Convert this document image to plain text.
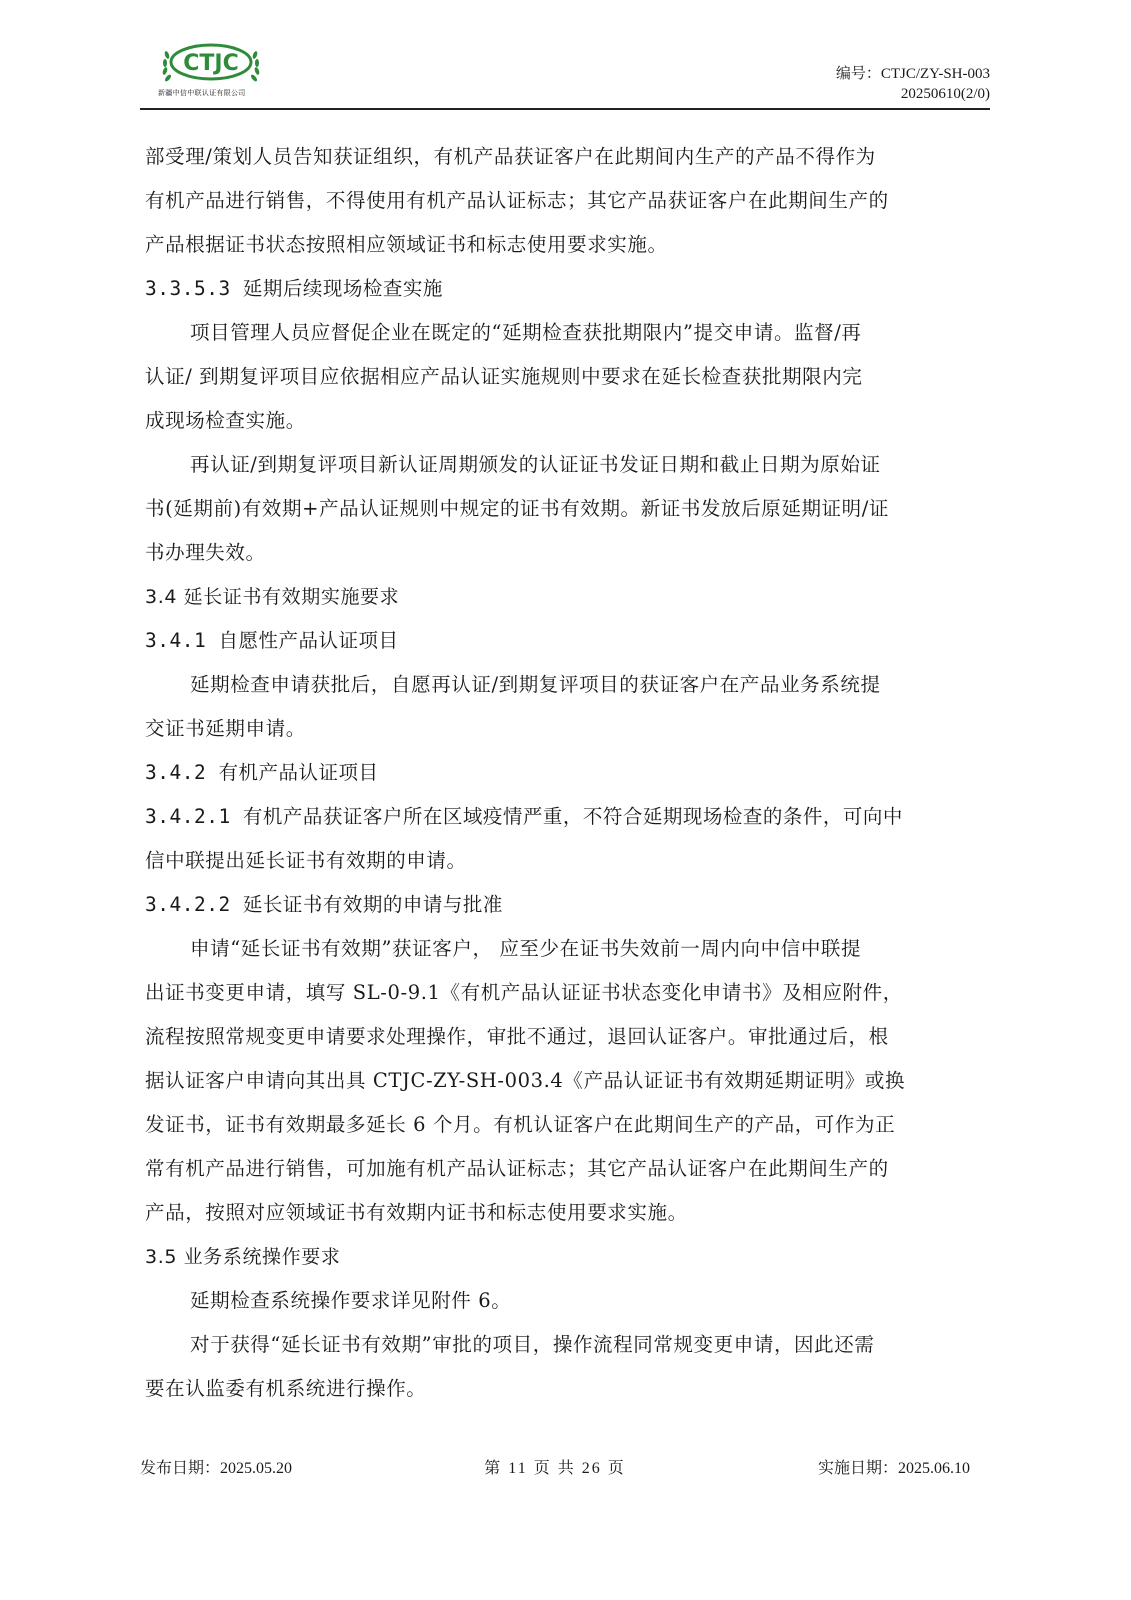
CTJC
新疆中信中联认证有限公司
编号：CTJC/ZY-SH-003
20250610(2/0)
部受理/策划人员告知获证组织，有机产品获证客户在此期间内生产的产品不得作为
有机产品进行销售，不得使用有机产品认证标志；其它产品获证客户在此期间生产的
产品根据证书状态按照相应领域证书和标志使用要求实施。
3.3.5.3 延期后续现场检查实施
项目管理人员应督促企业在既定的“延期检查获批期限内”提交申请。监督/再
认证/ 到期复评项目应依据相应产品认证实施规则中要求在延长检查获批期限内完
成现场检查实施。
再认证/到期复评项目新认证周期颁发的认证证书发证日期和截止日期为原始证
书(延期前)有效期+产品认证规则中规定的证书有效期。新证书发放后原延期证明/证
书办理失效。
3.4 延长证书有效期实施要求
3.4.1 自愿性产品认证项目
延期检查申请获批后，自愿再认证/到期复评项目的获证客户在产品业务系统提
交证书延期申请。
3.4.2 有机产品认证项目
3.4.2.1 有机产品获证客户所在区域疫情严重，不符合延期现场检查的条件，可向中
信中联提出延长证书有效期的申请。
3.4.2.2 延长证书有效期的申请与批准
申请“延长证书有效期”获证客户， 应至少在证书失效前一周内向中信中联提
出证书变更申请，填写 SL-0-9.1《有机产品认证证书状态变化申请书》及相应附件，
流程按照常规变更申请要求处理操作，审批不通过，退回认证客户。审批通过后，根
据认证客户申请向其出具 CTJC-ZY-SH-003.4《产品认证证书有效期延期证明》或换
发证书，证书有效期最多延长 6 个月。有机认证客户在此期间生产的产品，可作为正
常有机产品进行销售，可加施有机产品认证标志；其它产品认证客户在此期间生产的
产品，按照对应领域证书有效期内证书和标志使用要求实施。
3.5 业务系统操作要求
延期检查系统操作要求详见附件 6。
对于获得“延长证书有效期”审批的项目，操作流程同常规变更申请，因此还需
要在认监委有机系统进行操作。
发布日期：2025.05.20	第 11 页 共 26 页	实施日期：2025.06.10
